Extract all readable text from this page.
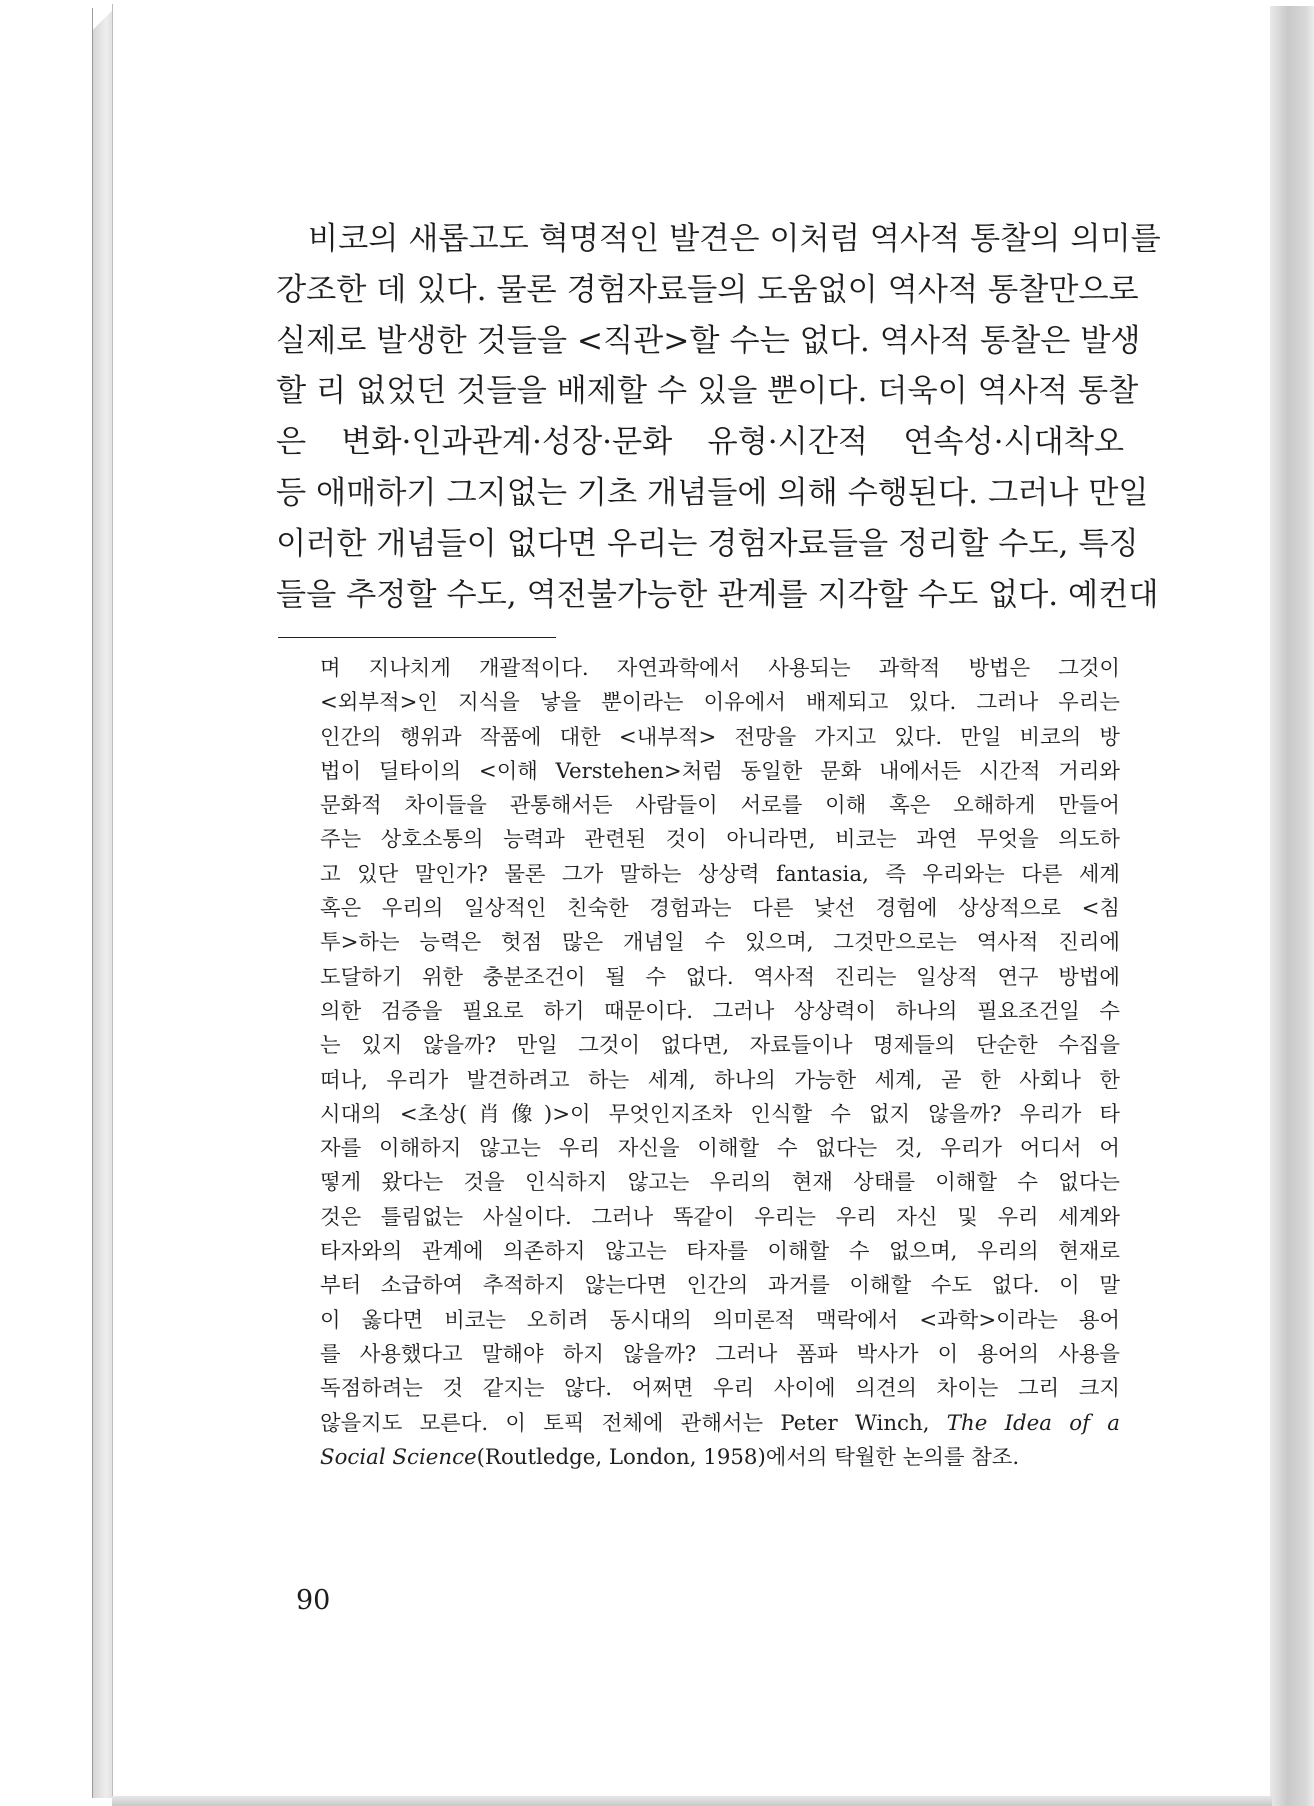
비코의 새롭고도 혁명적인 발견은 이처럼 역사적 통찰의 의미를
강조한 데 있다. 물론 경험자료들의 도움없이 역사적 통찰만으로
실제로 발생한 것들을 <직관>할 수는 없다. 역사적 통찰은 발생
할 리 없었던 것들을 배제할 수 있을 뿐이다. 더욱이 역사적 통찰
은 변화·인과관계·성장·문화 유형·시간적 연속성·시대착오
등 애매하기 그지없는 기초 개념들에 의해 수행된다. 그러나 만일
이러한 개념들이 없다면 우리는 경험자료들을 정리할 수도, 특징
들을 추정할 수도, 역전불가능한 관계를 지각할 수도 없다. 예컨대
며 지나치게 개괄적이다. 자연과학에서 사용되는 과학적 방법은 그것이
<외부적>인 지식을 낳을 뿐이라는 이유에서 배제되고 있다. 그러나 우리는
인간의 행위과 작품에 대한 <내부적> 전망을 가지고 있다. 만일 비코의 방
법이 딜타이의 <이해 Verstehen>처럼 동일한 문화 내에서든 시간적 거리와
문화적 차이들을 관통해서든 사람들이 서로를 이해 혹은 오해하게 만들어
주는 상호소통의 능력과 관련된 것이 아니라면, 비코는 과연 무엇을 의도하
고 있단 말인가? 물론 그가 말하는 상상력 fantasia, 즉 우리와는 다른 세계
혹은 우리의 일상적인 친숙한 경험과는 다른 낯선 경험에 상상적으로 <침
투>하는 능력은 헛점 많은 개념일 수 있으며, 그것만으로는 역사적 진리에
도달하기 위한 충분조건이 될 수 없다. 역사적 진리는 일상적 연구 방법에
의한 검증을 필요로 하기 때문이다. 그러나 상상력이 하나의 필요조건일 수
는 있지 않을까? 만일 그것이 없다면, 자료들이나 명제들의 단순한 수집을
떠나, 우리가 발견하려고 하는 세계, 하나의 가능한 세계, 곧 한 사회나 한
시대의 <초상(肖像)>이 무엇인지조차 인식할 수 없지 않을까? 우리가 타
자를 이해하지 않고는 우리 자신을 이해할 수 없다는 것, 우리가 어디서 어
떻게 왔다는 것을 인식하지 않고는 우리의 현재 상태를 이해할 수 없다는
것은 틀림없는 사실이다. 그러나 똑같이 우리는 우리 자신 및 우리 세계와
타자와의 관계에 의존하지 않고는 타자를 이해할 수 없으며, 우리의 현재로
부터 소급하여 추적하지 않는다면 인간의 과거를 이해할 수도 없다. 이 말
이 옳다면 비코는 오히려 동시대의 의미론적 맥락에서 <과학>이라는 용어
를 사용했다고 말해야 하지 않을까? 그러나 폼파 박사가 이 용어의 사용을
독점하려는 것 같지는 않다. 어쩌면 우리 사이에 의견의 차이는 그리 크지
않을지도 모른다. 이 토픽 전체에 관해서는 Peter Winch, The Idea of a
Social Science(Routledge, London, 1958)에서의 탁월한 논의를 참조.
90
